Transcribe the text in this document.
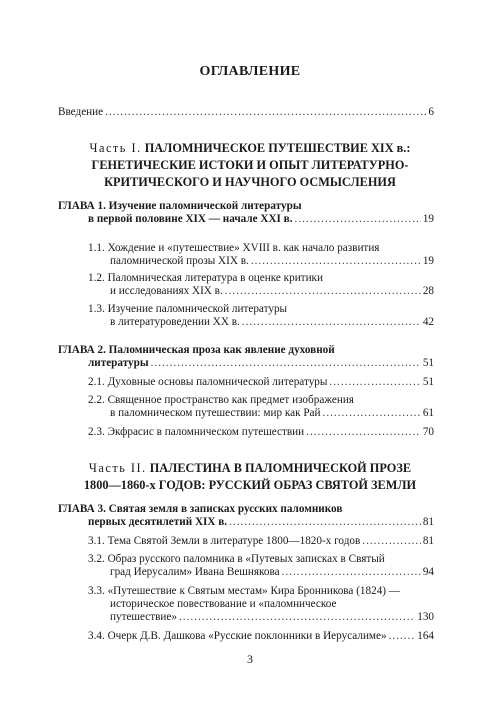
ОГЛАВЛЕНИЕ
Введение .....	6
Часть I. ПАЛОМНИЧЕСКОЕ ПУТЕШЕСТВИЕ XIX в.:
ГЕНЕТИЧЕСКИЕ ИСТОКИ И ОПЫТ ЛИТЕРАТУРНО-
КРИТИЧЕСКОГО И НАУЧНОГО ОСМЫСЛЕНИЯ
ГЛАВА 1. Изучение паломнической литературы
в первой половине XIX — начале XXI в. .....	19
1.1. Хождение и «путешествие» XVIII в. как начало развития
паломнической прозы XIX в. .....	19
1.2. Паломническая литература в оценке критики
и исследованиях XIX в. .....	28
1.3. Изучение паломнической литературы
в литературоведении XX в. .....	42
ГЛАВА 2. Паломническая проза как явление духовной
литературы .....	51
2.1. Духовные основы паломнической литературы .....	51
2.2. Священное пространство как предмет изображения
в паломническом путешествии: мир как Рай .....	61
2.3. Экфрасис в паломническом путешествии .....	70
Часть II. ПАЛЕСТИНА В ПАЛОМНИЧЕСКОЙ ПРОЗЕ
1800—1860-х ГОДОВ: РУССКИЙ ОБРАЗ СВЯТОЙ ЗЕМЛИ
ГЛАВА 3. Святая земля в записках русских паломников
первых десятилетий XIX в. .....	81
3.1. Тема Святой Земли в литературе 1800—1820-х годов .....	81
3.2. Образ русского паломника в «Путевых записках в Святый
град Иерусалим» Ивана Вешнякова .....	94
3.3. «Путешествие к Святым местам» Кира Бронникова (1824) —
историческое повествование и «паломническое
путешествие» .....	130
3.4. Очерк Д.В. Дашкова «Русские поклонники в Иерусалиме» .....	164
3
